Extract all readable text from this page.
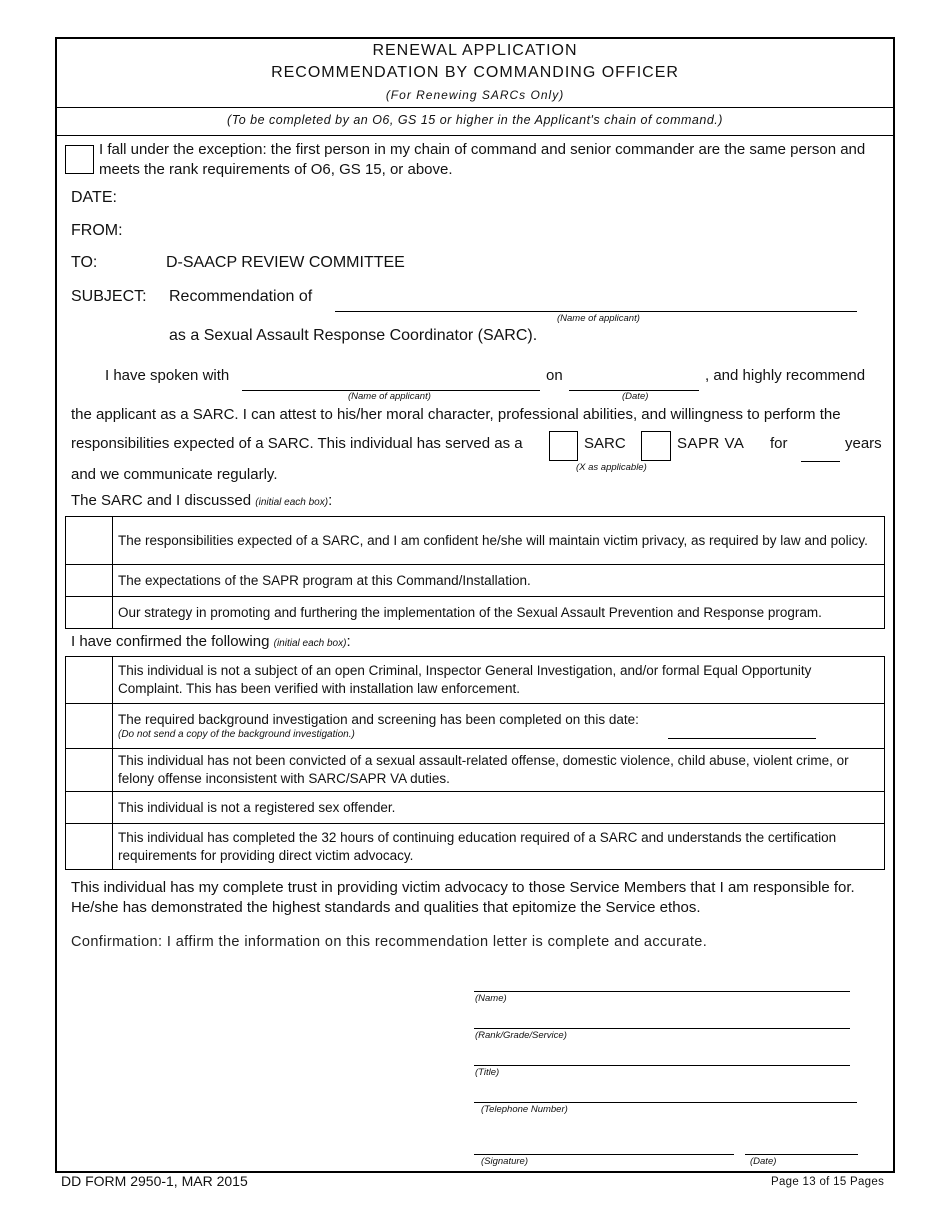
RENEWAL APPLICATION
RECOMMENDATION BY COMMANDING OFFICER
(For Renewing SARCs Only)
(To be completed by an O6, GS 15 or higher in the Applicant's chain of command.)
I fall under the exception: the first person in my chain of command and senior commander are the same person and meets the rank requirements of O6, GS 15, or above.
DATE:
FROM:
TO:	D-SAACP REVIEW COMMITTEE
SUBJECT: Recommendation of
(Name of applicant)
as a Sexual Assault Response Coordinator (SARC).
I have spoken with
(Name of applicant)
on
(Date)
, and highly recommend
the applicant as a SARC. I can attest to his/her moral character, professional abilities, and willingness to perform the
responsibilities expected of a SARC. This individual has served as a	SARC	SAPR VA for	years
(X as applicable)
and we communicate regularly.
The SARC and I discussed (initial each box):
	The responsibilities expected of a SARC, and I am confident he/she will maintain victim privacy, as required by law and policy.
	The expectations of the SAPR program at this Command/Installation.
	Our strategy in promoting and furthering the implementation of the Sexual Assault Prevention and Response program.
I have confirmed the following (initial each box):
	This individual is not a subject of an open Criminal, Inspector General Investigation, and/or formal Equal Opportunity Complaint. This has been verified with installation law enforcement.

	The required background investigation and screening has been completed on this date:
(Do not send a copy of the background investigation.)

	This individual has not been convicted of a sexual assault-related offense, domestic violence, child abuse, violent crime, or felony offense inconsistent with SARC/SAPR VA duties.
	This individual is not a registered sex offender.
	This individual has completed the 32 hours of continuing education required of a SARC and understands the certification requirements for providing direct victim advocacy.
This individual has my complete trust in providing victim advocacy to those Service Members that I am responsible for. He/she has demonstrated the highest standards and qualities that epitomize the Service ethos.
Confirmation: I affirm the information on this recommendation letter is complete and accurate.
(Name)
(Rank/Grade/Service)
(Title)
(Telephone Number)
(Signature)	(Date)
DD FORM 2950-1, MAR 2015	Page 13 of 15 Pages
